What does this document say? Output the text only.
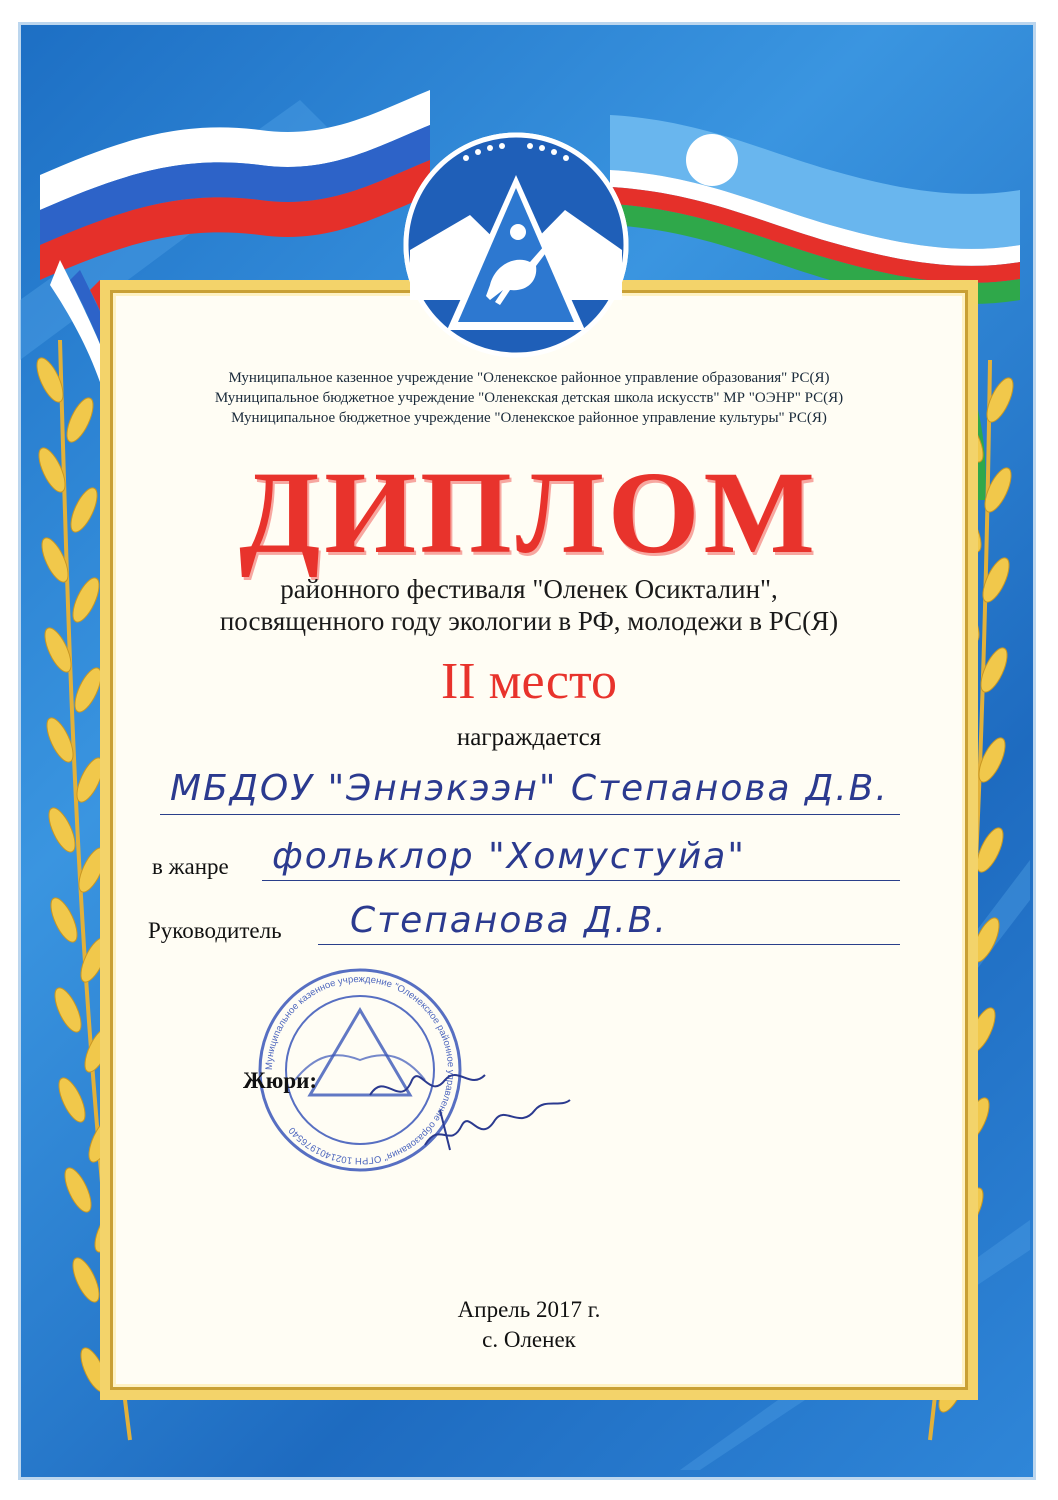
Муниципальное казенное учреждение "Оленекское районное управление образования" РС(Я)
Муниципальное бюджетное учреждение "Оленекская детская школа искусств" МР "ОЭНР" РС(Я)
Муниципальное бюджетное учреждение "Оленекское районное управление культуры" РС(Я)
ДИПЛОМ
районного фестиваля "Оленек Осикталин",
посвященного году экологии в РФ, молодежи в РС(Я)
II место
награждается
МБДОУ "Эннэкээн" Степанова Д.В.
в жанре фольклор "Хомустуйа"
Руководитель Степанова Д.В.
Муниципальное казенное учреждение "Оленекское районное управление образования" ОГРН 1021401976540
Жюри:
Апрель 2017 г.
с. Оленек
